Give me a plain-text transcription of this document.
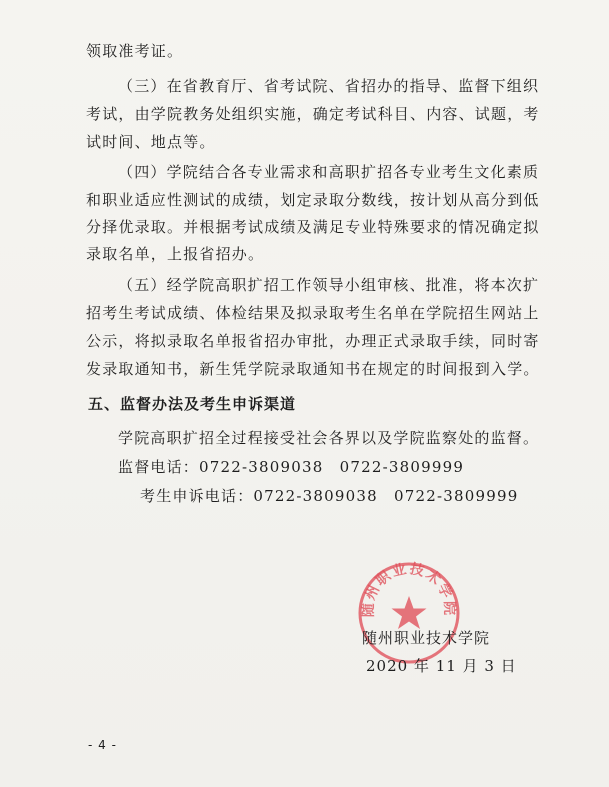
领取准考证。
（三）在省教育厅、省考试院、省招办的指导、监督下组织
考试，由学院教务处组织实施，确定考试科目、内容、试题，考
试时间、地点等。
（四）学院结合各专业需求和高职扩招各专业考生文化素质
和职业适应性测试的成绩，划定录取分数线，按计划从高分到低
分择优录取。并根据考试成绩及满足专业特殊要求的情况确定拟
录取名单，上报省招办。
（五）经学院高职扩招工作领导小组审核、批准，将本次扩
招考生考试成绩、体检结果及拟录取考生名单在学院招生网站上
公示，将拟录取名单报省招办审批，办理正式录取手续，同时寄
发录取通知书，新生凭学院录取通知书在规定的时间报到入学。
五、监督办法及考生申诉渠道
学院高职扩招全过程接受社会各界以及学院监察处的监督。
监督电话：0722-3809038　0722-3809999
考生申诉电话：0722-3809038　0722-3809999
随州职业技术学院
随州职业技术学院
2020 年 11 月 3 日
- 4 -
